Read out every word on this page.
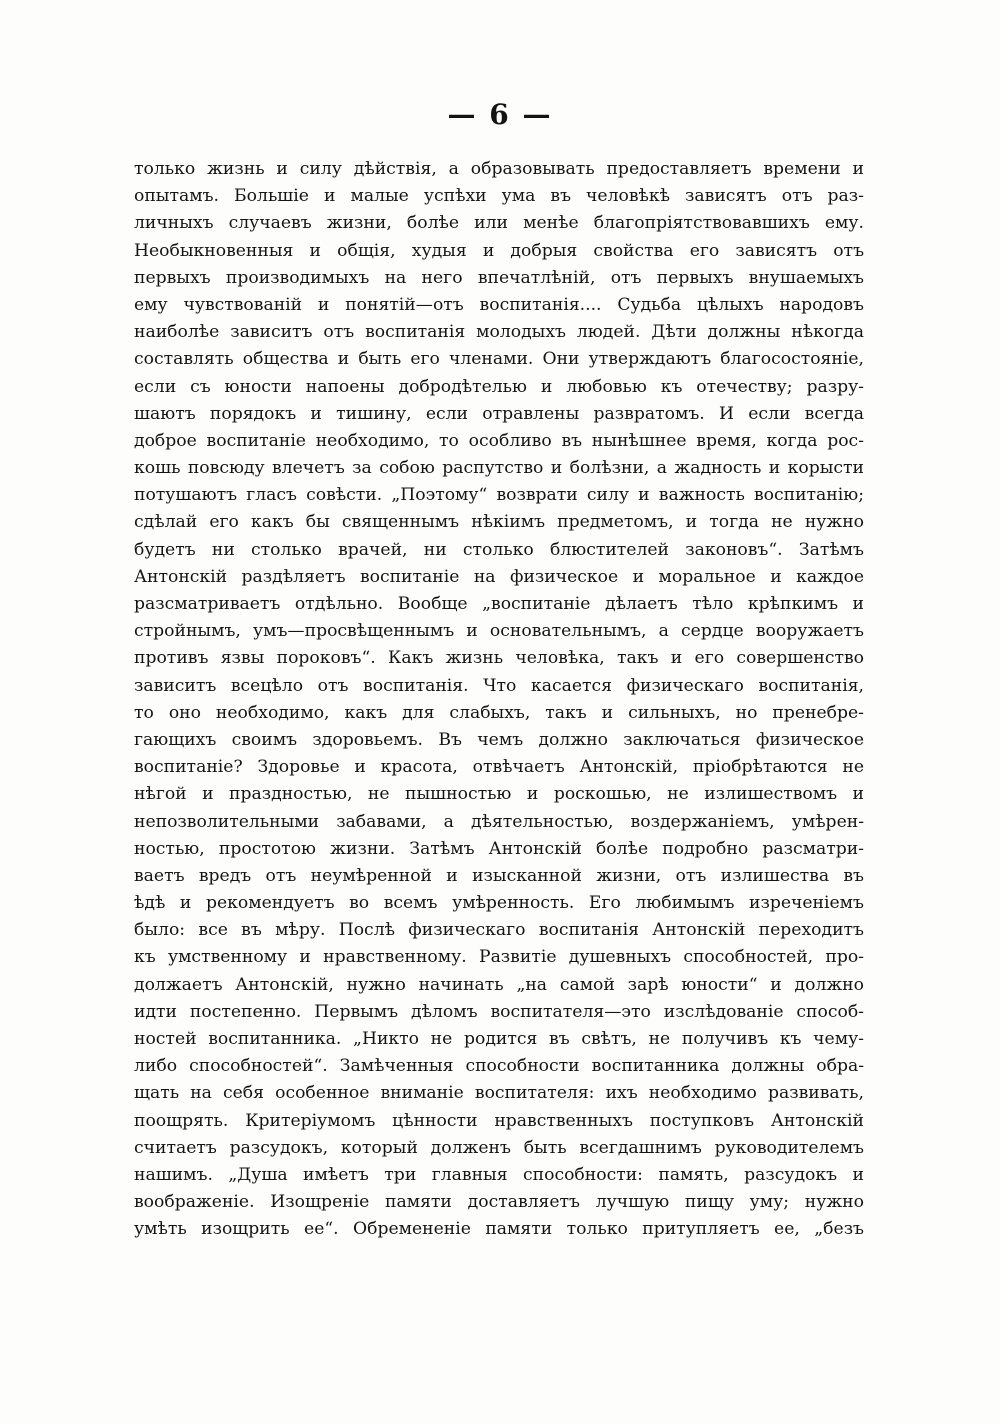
— 6 —
только жизнь и силу дѣйствія, а образовывать предоставляетъ времени и
опытамъ. Большіе и малые успѣхи ума въ человѣкѣ зависятъ отъ раз-
личныхъ случаевъ жизни, болѣе или менѣе благопріятствовавшихъ ему.
Необыкновенныя и общія, худыя и добрыя свойства его зависятъ отъ
первыхъ производимыхъ на него впечатлѣній, отъ первыхъ внушаемыхъ
ему чувствованій и понятій—отъ воспитанія.... Судьба цѣлыхъ народовъ
наиболѣе зависитъ отъ воспитанія молодыхъ людей. Дѣти должны нѣкогда
составлять общества и быть его членами. Они утверждаютъ благосостояніе,
если съ юности напоены добродѣтелью и любовью къ отечеству; разру-
шаютъ порядокъ и тишину, если отравлены развратомъ. И если всегда
доброе воспитаніе необходимо, то особливо въ нынѣшнее время, когда рос-
кошь повсюду влечетъ за собою распутство и болѣзни, а жадность и корысти
потушаютъ гласъ совѣсти. „Поэтому“ возврати силу и важность воспитанію;
сдѣлай его какъ бы священнымъ нѣкіимъ предметомъ, и тогда не нужно
будетъ ни столько врачей, ни столько блюстителей законовъ“. Затѣмъ
Антонскій раздѣляетъ воспитаніе на физическое и моральное и каждое
разсматриваетъ отдѣльно. Вообще „воспитаніе дѣлаетъ тѣло крѣпкимъ и
стройнымъ, умъ—просвѣщеннымъ и основательнымъ, а сердце вооружаетъ
противъ язвы пороковъ“. Какъ жизнь человѣка, такъ и его совершенство
зависитъ всецѣло отъ воспитанія. Что касается физическаго воспитанія,
то оно необходимо, какъ для слабыхъ, такъ и сильныхъ, но пренебре-
гающихъ своимъ здоровьемъ. Въ чемъ должно заключаться физическое
воспитаніе? Здоровье и красота, отвѣчаетъ Антонскій, пріобрѣтаются не
нѣгой и праздностью, не пышностью и роскошью, не излишествомъ и
непозволительными забавами, а дѣятельностью, воздержаніемъ, умѣрен-
ностью, простотою жизни. Затѣмъ Антонскій болѣе подробно разсматри-
ваетъ вредъ отъ неумѣренной и изысканной жизни, отъ излишества въ
ѣдѣ и рекомендуетъ во всемъ умѣренность. Его любимымъ изреченіемъ
было: все въ мѣру. Послѣ физическаго воспитанія Антонскій переходитъ
къ умственному и нравственному. Развитіе душевныхъ способностей, про-
должаетъ Антонскій, нужно начинать „на самой зарѣ юности“ и должно
идти постепенно. Первымъ дѣломъ воспитателя—это изслѣдованіе способ-
ностей воспитанника. „Никто не родится въ свѣтъ, не получивъ къ чему-
либо способностей“. Замѣченныя способности воспитанника должны обра-
щать на себя особенное вниманіе воспитателя: ихъ необходимо развивать,
поощрять. Критеріумомъ цѣнности нравственныхъ поступковъ Антонскій
считаетъ разсудокъ, который долженъ быть всегдашнимъ руководителемъ
нашимъ. „Душа имѣетъ три главныя способности: память, разсудокъ и
воображеніе. Изощреніе памяти доставляетъ лучшую пищу уму; нужно
умѣть изощрить ее“. Обремененіе памяти только притупляетъ ее, „безъ
